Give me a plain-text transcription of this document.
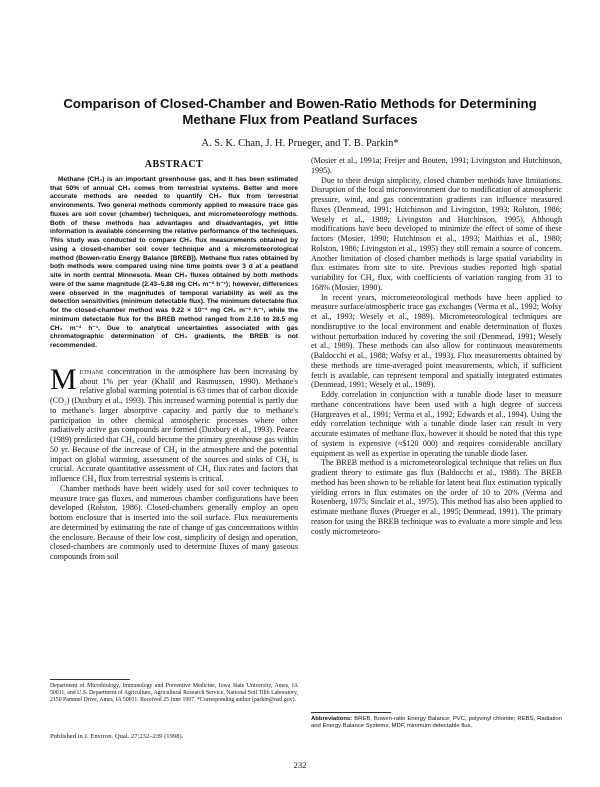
Comparison of Closed-Chamber and Bowen-Ratio Methods for Determining Methane Flux from Peatland Surfaces

A. S. K. Chan, J. H. Prueger, and T. B. Parkin*

ABSTRACT

Methane (CH₄) is an important greenhouse gas, and it has been estimated that 50% of annual CH₄ comes from terrestrial systems. Better and more accurate methods are needed to quantify CH₄ flux from terrestrial environments. Two general methods commonly applied to measure trace gas fluxes are soil cover (chamber) techniques, and micrometeorology methods. Both of these methods has advantages and disadvantages, yet little information is available concerning the relative performance of the techniques. This study was conducted to compare CH₄ flux measurements obtained by using a closed-chamber soil cover technique and a micrometeorological method (Bowen-ratio Energy Balance [BREB]). Methane flux rates obtained by both methods were compared using nine time points over 3 d at a peatland site in north central Minnesota. Mean CH₄ fluxes obtained by both methods were of the same magnitude (2.43–5.88 mg CH₄ m⁻² h⁻¹); however, differences were observed in the magnitudes of temporal variability as well as the detection sensitivities (minimum detectable flux). The minimum detectable flux for the closed-chamber method was 9.22 × 10⁻³ mg CH₄ m⁻² h⁻¹, while the minimum detectable flux for the BREB method ranged from 2.16 to 28.5 mg CH₄ m⁻² h⁻¹. Due to analytical uncertainties associated with gas chromatographic determination of CH₄ gradients, the BREB is not recommended.

Methane concentration in the atmosphere has been increasing by about 1% per year (Khalil and Rasmussen, 1990). Methane's relative global warming potential is 63 times that of carbon dioxide (CO₂) (Duxbury et al., 1993). This increased warming potential is partly due to methane's larger absorptive capacity and partly due to methane's participation in other chemical atmospheric processes where other radiatively active gas compounds are formed (Duxbury et al., 1993). Pearce (1989) predicted that CH₄ could become the primary greenhouse gas within 50 yr. Because of the increase of CH₄ in the atmosphere and the potential impact on global warming, assessment of the sources and sinks of CH₄ is crucial. Accurate quantitative assessment of CH₄ flux rates and factors that influence CH₄ flux from terrestrial systems is critical.

Chamber methods have been widely used for soil cover techniques to measure trace gas fluxes, and numerous chamber configurations have been developed (Rolston, 1986). Closed-chambers generally employ an open bottom enclosure that is inserted into the soil surface. Flux measurements are determined by estimating the rate of change of gas concentrations within the enclosure. Because of their low cost, simplicity of design and operation, closed-chambers are commonly used to determine fluxes of many gaseous compounds from soil

Department of Microbiology, Immunology and Preventive Medicine, Iowa State University, Ames, IA 50011, and U.S. Department of Agriculture, Agricultural Research Service, National Soil Tilth Laboratory, 2150 Pammel Drive, Ames, IA 50011. Received 25 June 1997. *Corresponding author (parkin@nstl.gov).
Published in J. Environ. Qual. 27:232–239 (1998).

(Mosier et al., 1991a; Freijer and Bouten, 1991; Livingston and Hutchinson, 1995).

Due to their design simplicity, closed chamber methods have limitations. Disruption of the local microenvironment due to modification of atmospheric pressure, wind, and gas concentration gradients can influence measured fluxes (Denmead, 1991; Hutchinson and Livingston, 1993; Rolston, 1986; Wesely et al., 1989; Livingston and Hutchinson, 1995). Although modifications have been developed to minimize the effect of some of these factors (Mosier, 1990; Hutchinson et al., 1993; Matthias et al., 1980; Rolston, 1986; Livingston et al., 1995) they still remain a source of concern. Another limitation of closed chamber methods is large spatial variability in flux estimates from site to site. Previous studies reported high spatial variability for CH₄ flux, with coefficients of variation ranging from 31 to 168% (Mosier, 1990).

In recent years, micrometeorological methods have been applied to measure surface/atmospheric trace gas exchanges (Verma et al., 1992; Wofsy et al., 1993; Wesely et al., 1989). Micrometeorological techniques are nondisruptive to the local environment and enable determination of fluxes without perturbation induced by covering the soil (Denmead, 1991; Wesely et al., 1989). These methods can also allow for continuous measurements (Baldocchi et al., 1988; Wofsy et al., 1993). Flux measurements obtained by these methods are time-averaged point measurements, which, if sufficient fetch is available, can represent temporal and spatially integrated estimates (Denmead, 1991; Wesely et al., 1989).

Eddy correlation in conjunction with a tunable diode laser to measure methane concentrations have been used with a high degree of success (Hargreaves et al., 1991; Verma et al., 1992; Edwards et al., 1994). Using the eddy correlation technique with a tunable diode laser can result in very accurate estimates of methane flux, however it should be noted that this type of system is expensive (≈$120 000) and requires considerable ancillary equipment as well as expertise in operating the tunable diode laser.

The BREB method is a micrometeorological technique that relies on flux gradient theory to estimate gas flux (Baldocchi et al., 1988). The BREB method has been shown to be reliable for latent heat flux estimation typically yielding errors in flux estimates on the order of 10 to 20% (Verma and Rosenberg, 1975; Sinclair et al., 1975). This method has also been applied to estimate methane fluxes (Prueger et al., 1995; Denmead, 1991). The primary reason for using the BREB technique was to evaluate a more simple and less costly micrometeoro-

Abbreviations: BREB, Bowen-ratio Energy Balance; PVC, polyvinyl chloride; REBS, Radiation and Energy Balance Systems; MDF, minimum detectable flux.
232
